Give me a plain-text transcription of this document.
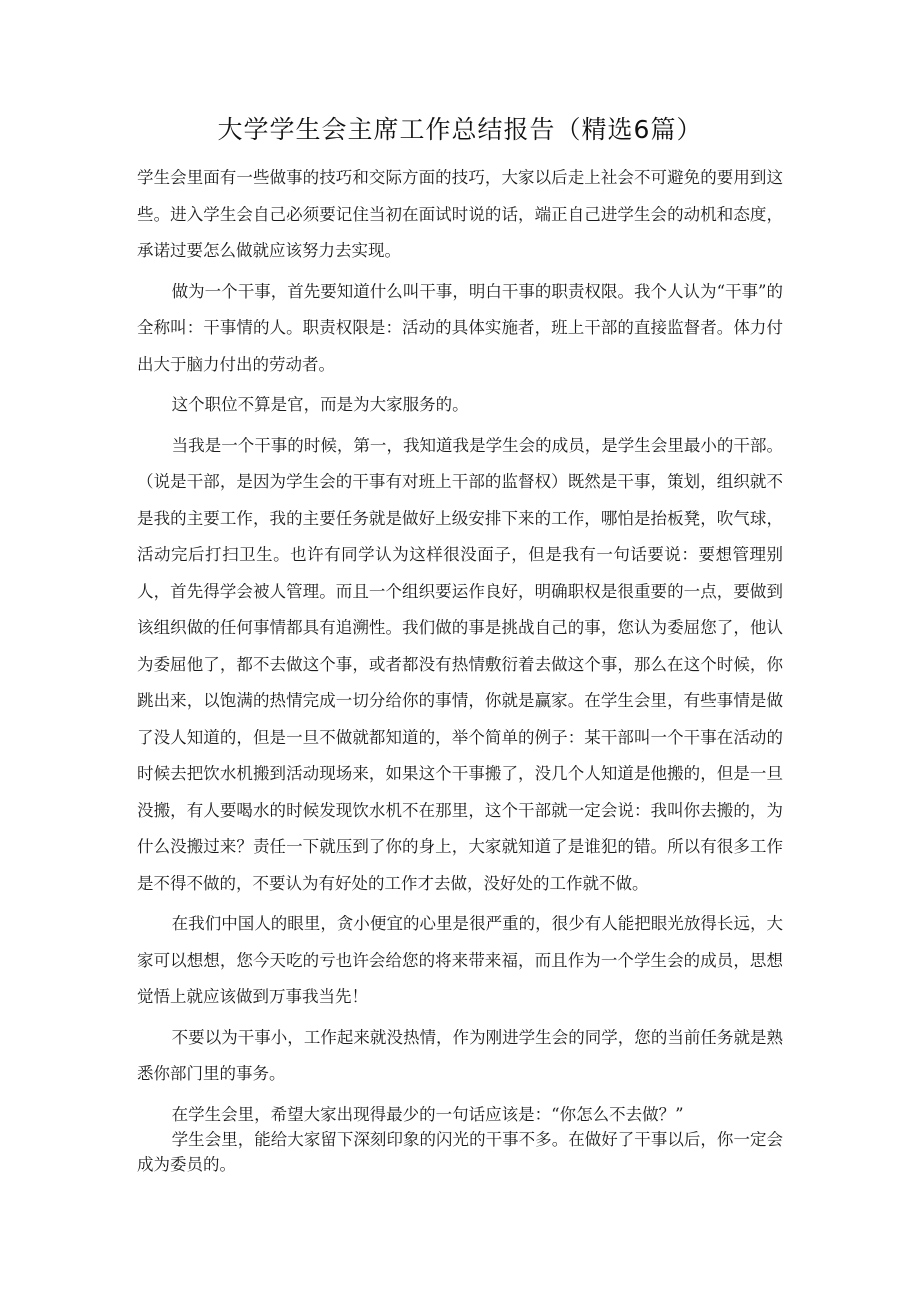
大学学生会主席工作总结报告（精选6篇）

学生会里面有一些做事的技巧和交际方面的技巧，大家以后走上社会不可避免的要用到这些。进入学生会自己必须要记住当初在面试时说的话，端正自己进学生会的动机和态度，承诺过要怎么做就应该努力去实现。

做为一个干事，首先要知道什么叫干事，明白干事的职责权限。我个人认为“干事”的全称叫：干事情的人。职责权限是：活动的具体实施者，班上干部的直接监督者。体力付出大于脑力付出的劳动者。

这个职位不算是官，而是为大家服务的。

当我是一个干事的时候，第一，我知道我是学生会的成员，是学生会里最小的干部。（说是干部，是因为学生会的干事有对班上干部的监督权）既然是干事，策划，组织就不是我的主要工作，我的主要任务就是做好上级安排下来的工作，哪怕是抬板凳，吹气球，活动完后打扫卫生。也许有同学认为这样很没面子，但是我有一句话要说：要想管理别人，首先得学会被人管理。而且一个组织要运作良好，明确职权是很重要的一点，要做到该组织做的任何事情都具有追溯性。我们做的事是挑战自己的事，您认为委屈您了，他认为委屈他了，都不去做这个事，或者都没有热情敷衍着去做这个事，那么在这个时候，你跳出来，以饱满的热情完成一切分给你的事情，你就是赢家。在学生会里，有些事情是做了没人知道的，但是一旦不做就都知道的，举个简单的例子：某干部叫一个干事在活动的时候去把饮水机搬到活动现场来，如果这个干事搬了，没几个人知道是他搬的，但是一旦没搬，有人要喝水的时候发现饮水机不在那里，这个干部就一定会说：我叫你去搬的，为什么没搬过来？责任一下就压到了你的身上，大家就知道了是谁犯的错。所以有很多工作是不得不做的，不要认为有好处的工作才去做，没好处的工作就不做。

在我们中国人的眼里，贪小便宜的心里是很严重的，很少有人能把眼光放得长远，大家可以想想，您今天吃的亏也许会给您的将来带来福，而且作为一个学生会的成员，思想觉悟上就应该做到万事我当先！

不要以为干事小，工作起来就没热情，作为刚进学生会的同学，您的当前任务就是熟悉你部门里的事务。

在学生会里，希望大家出现得最少的一句话应该是：“你怎么不去做？”

学生会里，能给大家留下深刻印象的闪光的干事不多。在做好了干事以后，你一定会成为委员的。
